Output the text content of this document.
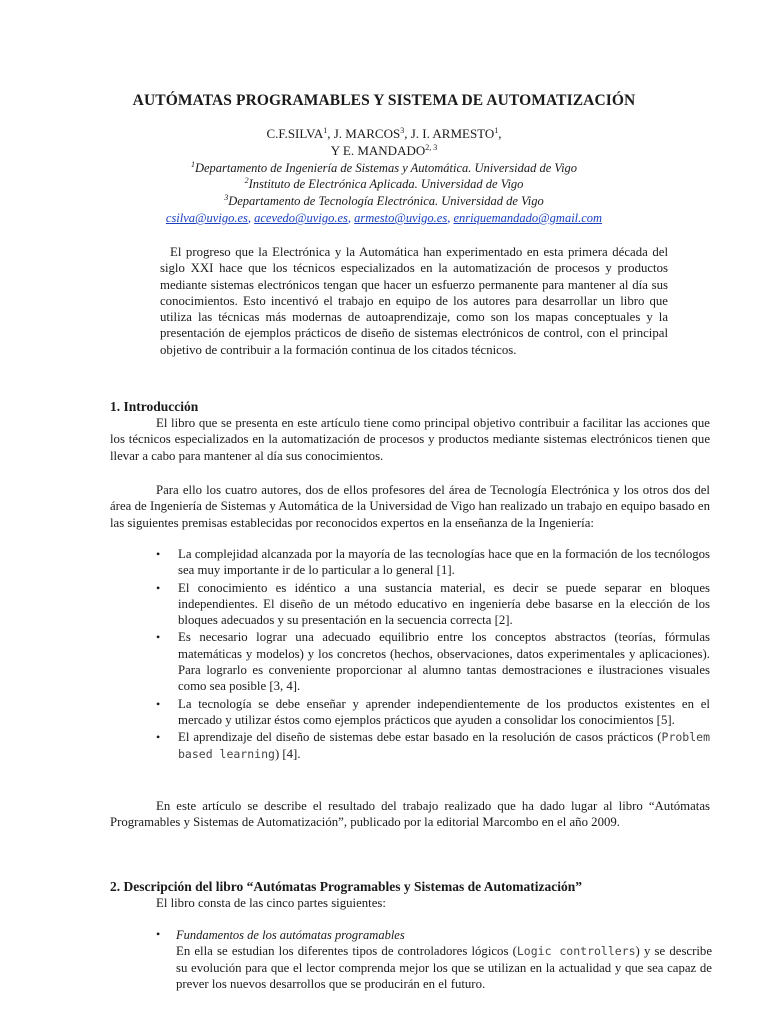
AUTÓMATAS PROGRAMABLES Y SISTEMA DE AUTOMATIZACIÓN
C.F.SILVA$^1$, J. MARCOS$^3$, J. I. ARMESTO$^1$,
Y E. MANDADO$^{2, 3}$
$^1$Departamento de Ingeniería de Sistemas y Automática. Universidad de Vigo
$^2$Instituto de Electrónica Aplicada. Universidad de Vigo
$^3$Departamento de Tecnología Electrónica. Universidad de Vigo
csilva@uvigo.es, acevedo@uvigo.es, armesto@uvigo.es, enriquemandado@gmail.com
El progreso que la Electrónica y la Automática han experimentado en esta primera década del siglo XXI hace que los técnicos especializados en la automatización de procesos y productos mediante sistemas electrónicos tengan que hacer un esfuerzo permanente para mantener al día sus conocimientos. Esto incentivó el trabajo en equipo de los autores para desarrollar un libro que utiliza las técnicas más modernas de autoaprendizaje, como son los mapas conceptuales y la presentación de ejemplos prácticos de diseño de sistemas electrónicos de control, con el principal objetivo de contribuir a la formación continua de los citados técnicos.
1. Introducción
El libro que se presenta en este artículo tiene como principal objetivo contribuir a facilitar las acciones que los técnicos especializados en la automatización de procesos y productos mediante sistemas electrónicos tienen que llevar a cabo para mantener al día sus conocimientos.
Para ello los cuatro autores, dos de ellos profesores del área de Tecnología Electrónica y los otros dos del área de Ingeniería de Sistemas y Automática de la Universidad de Vigo han realizado un trabajo en equipo basado en las siguientes premisas establecidas por reconocidos expertos en la enseñanza de la Ingeniería:
• La complejidad alcanzada por la mayoría de las tecnologías hace que en la formación de los tecnólogos sea muy importante ir de lo particular a lo general [1].
• El conocimiento es idéntico a una sustancia material, es decir se puede separar en bloques independientes. El diseño de un método educativo en ingeniería debe basarse en la elección de los bloques adecuados y su presentación en la secuencia correcta [2].
• Es necesario lograr una adecuado equilibrio entre los conceptos abstractos (teorías, fórmulas matemáticas y modelos) y los concretos (hechos, observaciones, datos experimentales y aplicaciones). Para lograrlo es conveniente proporcionar al alumno tantas demostraciones e ilustraciones visuales como sea posible [3, 4].
• La tecnología se debe enseñar y aprender independientemente de los productos existentes en el mercado y utilizar éstos como ejemplos prácticos que ayuden a consolidar los conocimientos [5].
• El aprendizaje del diseño de sistemas debe estar basado en la resolución de casos prácticos (Problem based learning) [4].
En este artículo se describe el resultado del trabajo realizado que ha dado lugar al libro “Autómatas Programables y Sistemas de Automatización”, publicado por la editorial Marcombo en el año 2009.
2. Descripción del libro “Autómatas Programables y Sistemas de Automatización”
El libro consta de las cinco partes siguientes:
•	Fundamentos de los autómatas programables
En ella se estudian los diferentes tipos de controladores lógicos (Logic controllers) y se describe su evolución para que el lector comprenda mejor los que se utilizan en la actualidad y que sea capaz de prever los nuevos desarrollos que se producirán en el futuro.
